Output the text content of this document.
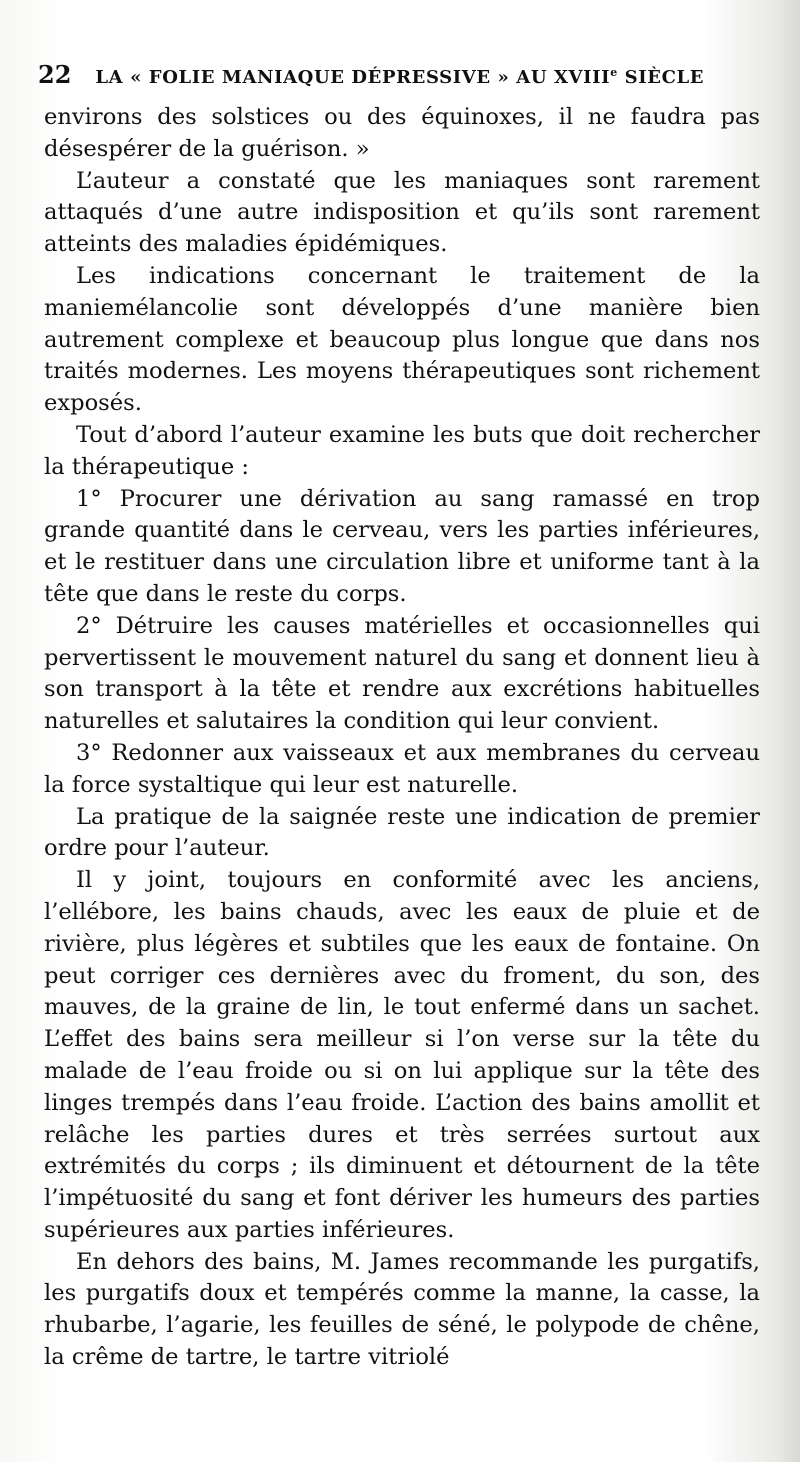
22 LA « FOLIE MANIAQUE DÉPRESSIVE » AU XVIIIe SIÈCLE

environs des solstices ou des équinoxes, il ne faudra pas désespérer de la guérison. »

L’auteur a constaté que les maniaques sont rarement attaqués d’une autre indisposition et qu’ils sont rarement atteints des maladies épidémiques.

Les indications concernant le traitement de la maniemélancolie sont développés d’une manière bien autrement complexe et beaucoup plus longue que dans nos traités modernes. Les moyens thérapeutiques sont richement exposés.

Tout d’abord l’auteur examine les buts que doit rechercher la thérapeutique :

1° Procurer une dérivation au sang ramassé en trop grande quantité dans le cerveau, vers les parties inférieures, et le restituer dans une circulation libre et uniforme tant à la tête que dans le reste du corps.

2° Détruire les causes matérielles et occasionnelles qui pervertissent le mouvement naturel du sang et donnent lieu à son transport à la tête et rendre aux excrétions habituelles naturelles et salutaires la condition qui leur convient.

3° Redonner aux vaisseaux et aux membranes du cerveau la force systaltique qui leur est naturelle.

La pratique de la saignée reste une indication de premier ordre pour l’auteur.

Il y joint, toujours en conformité avec les anciens, l’ellébore, les bains chauds, avec les eaux de pluie et de rivière, plus légères et subtiles que les eaux de fontaine. On peut corriger ces dernières avec du froment, du son, des mauves, de la graine de lin, le tout enfermé dans un sachet. L’effet des bains sera meilleur si l’on verse sur la tête du malade de l’eau froide ou si on lui applique sur la tête des linges trempés dans l’eau froide. L’action des bains amollit et relâche les parties dures et très serrées surtout aux extrémités du corps ; ils diminuent et détournent de la tête l’impétuosité du sang et font dériver les humeurs des parties supérieures aux parties inférieures.

En dehors des bains, M. James recommande les purgatifs, les purgatifs doux et tempérés comme la manne, la casse, la rhubarbe, l’agarie, les feuilles de séné, le polypode de chêne, la crême de tartre, le tartre vitriolé
